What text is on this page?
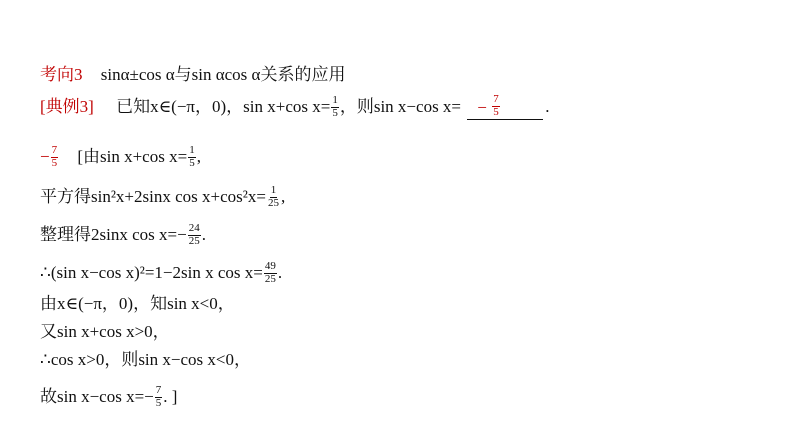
考向3 sinα±cos α与sin αcos α关系的应用
[典例3] 已知x∈(−π，0)，sin x+cos $x= \frac{1}{5}$ ，则sin x−cos $x= - \frac{7}{5}$	.
− $\frac{7}{5}$ [由sin x+cos $x= \frac{1}{5}$ ,
平方得sin²x+2sinx $\cos x+\cos^2x= \frac{1}{25}$ ,
整理得2sinx $\cos x=- \frac{24}{25}$ .
∴(sin x−cos x)²=1−2sin x $\cos x= \frac{49}{25}$ .
由x∈(−π，0)，知sin x<0，
又sin x+cos x>0，
∴cos x>0，则sin x−cos x<0，
故sin x−cos $x=- \frac{7}{5}$ . ]
